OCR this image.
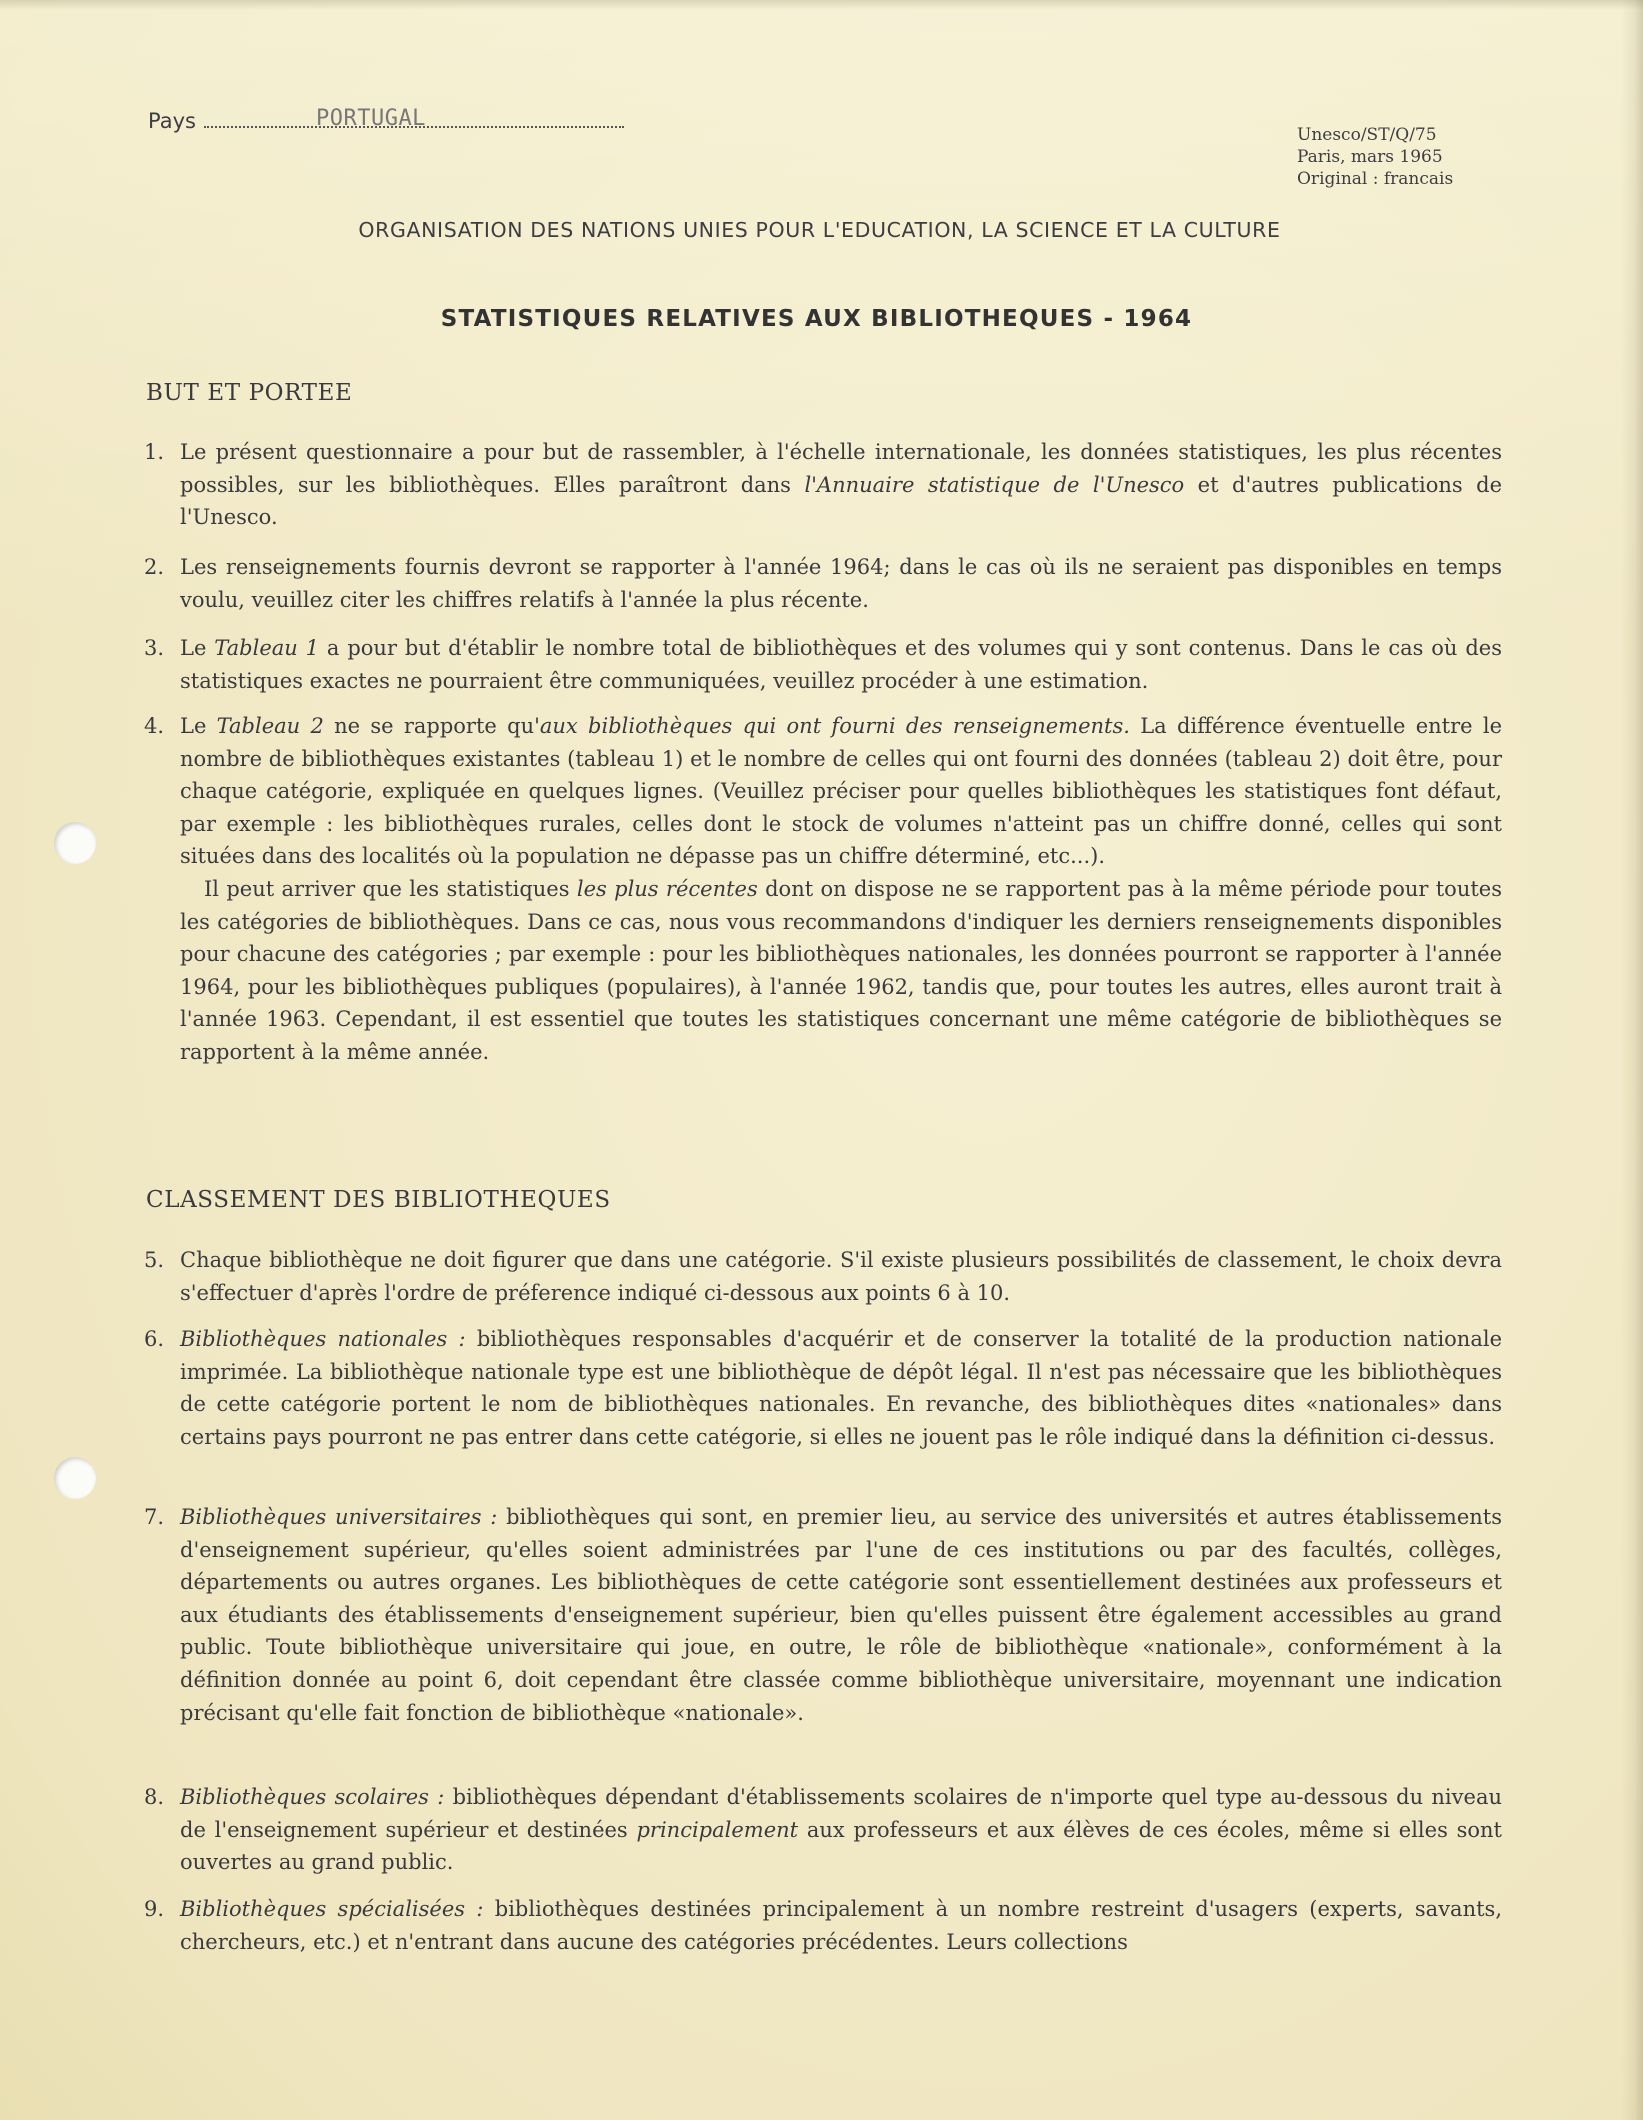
Pays	PORTUGAL
Unesco/ST/Q/75
Paris, mars 1965
Original : francais
ORGANISATION DES NATIONS UNIES POUR L'EDUCATION, LA SCIENCE ET LA CULTURE
STATISTIQUES RELATIVES AUX BIBLIOTHEQUES - 1964
BUT ET PORTEE
1. Le présent questionnaire a pour but de rassembler, à l'échelle internationale, les données statistiques, les plus récentes possibles, sur les bibliothèques. Elles paraîtront dans l'Annuaire statistique de l'Unesco et d'autres publications de l'Unesco.
2. Les renseignements fournis devront se rapporter à l'année 1964; dans le cas où ils ne seraient pas disponibles en temps voulu, veuillez citer les chiffres relatifs à l'année la plus récente.
3. Le Tableau 1 a pour but d'établir le nombre total de bibliothèques et des volumes qui y sont contenus. Dans le cas où des statistiques exactes ne pourraient être communiquées, veuillez procéder à une estimation.
4. Le Tableau 2 ne se rapporte qu'aux bibliothèques qui ont fourni des renseignements. La différence éventuelle entre le nombre de bibliothèques existantes (tableau 1) et le nombre de celles qui ont fourni des données (tableau 2) doit être, pour chaque catégorie, expliquée en quelques lignes. (Veuillez préciser pour quelles bibliothèques les statistiques font défaut, par exemple : les bibliothèques rurales, celles dont le stock de volumes n'atteint pas un chiffre donné, celles qui sont situées dans des localités où la population ne dépasse pas un chiffre déterminé, etc...).
Il peut arriver que les statistiques les plus récentes dont on dispose ne se rapportent pas à la même période pour toutes les catégories de bibliothèques. Dans ce cas, nous vous recommandons d'indiquer les derniers renseignements disponibles pour chacune des catégories ; par exemple : pour les bibliothèques nationales, les données pourront se rapporter à l'année 1964, pour les bibliothèques publiques (populaires), à l'année 1962, tandis que, pour toutes les autres, elles auront trait à l'année 1963. Cependant, il est essentiel que toutes les statistiques concernant une même catégorie de bibliothèques se rapportent à la même année.
CLASSEMENT DES BIBLIOTHEQUES
5. Chaque bibliothèque ne doit figurer que dans une catégorie. S'il existe plusieurs possibilités de classement, le choix devra s'effectuer d'après l'ordre de préference indiqué ci-dessous aux points 6 à 10.
6. Bibliothèques nationales : bibliothèques responsables d'acquérir et de conserver la totalité de la production nationale imprimée. La bibliothèque nationale type est une bibliothèque de dépôt légal. Il n'est pas nécessaire que les bibliothèques de cette catégorie portent le nom de bibliothèques nationales. En revanche, des bibliothèques dites «nationales» dans certains pays pourront ne pas entrer dans cette catégorie, si elles ne jouent pas le rôle indiqué dans la définition ci-dessus.
7. Bibliothèques universitaires : bibliothèques qui sont, en premier lieu, au service des universités et autres établissements d'enseignement supérieur, qu'elles soient administrées par l'une de ces institutions ou par des facultés, collèges, départements ou autres organes. Les bibliothèques de cette catégorie sont essentiellement destinées aux professeurs et aux étudiants des établissements d'enseignement supérieur, bien qu'elles puissent être également accessibles au grand public. Toute bibliothèque universitaire qui joue, en outre, le rôle de bibliothèque «nationale», conformément à la définition donnée au point 6, doit cependant être classée comme bibliothèque universitaire, moyennant une indication précisant qu'elle fait fonction de bibliothèque «nationale».
8. Bibliothèques scolaires : bibliothèques dépendant d'établissements scolaires de n'importe quel type au-dessous du niveau de l'enseignement supérieur et destinées principalement aux professeurs et aux élèves de ces écoles, même si elles sont ouvertes au grand public.
9. Bibliothèques spécialisées : bibliothèques destinées principalement à un nombre restreint d'usagers (experts, savants, chercheurs, etc.) et n'entrant dans aucune des catégories précédentes. Leurs collections
